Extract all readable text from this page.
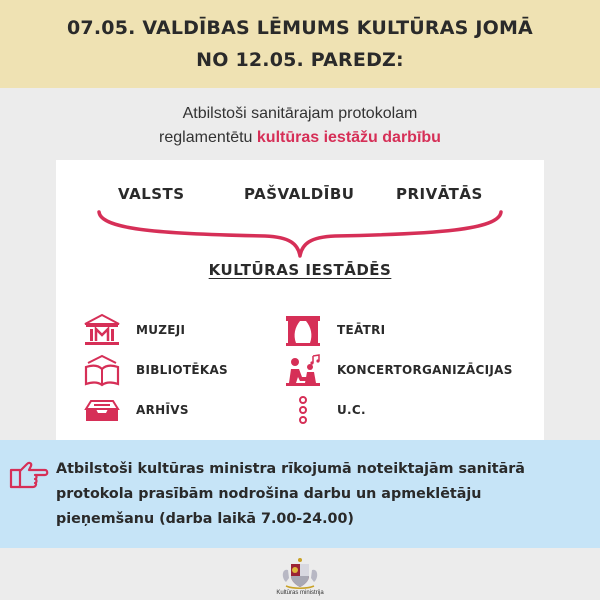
07.05. VALDĪBAS LĒMUMS KULTŪRAS JOMĀ
NO 12.05. PAREDZ:
Atbilstoši sanitārajam protokolam
reglamentētu kultūras iestāžu darbību
VALSTS	PAŠVALDĪBU	PRIVĀTĀS
KULTŪRAS IESTĀDĒS
MUZEJI	TEĀTRI
BIBLIOTĒKAS	KONCERTORGANIZĀCIJAS
ARHĪVS	U.C.
Atbilstoši kultūras ministra rīkojumā noteiktajām sanitārā
protokola prasībām nodrošina darbu un apmeklētāju
pieņemšanu (darba laikā 7.00-24.00)
Kultūras ministrija
